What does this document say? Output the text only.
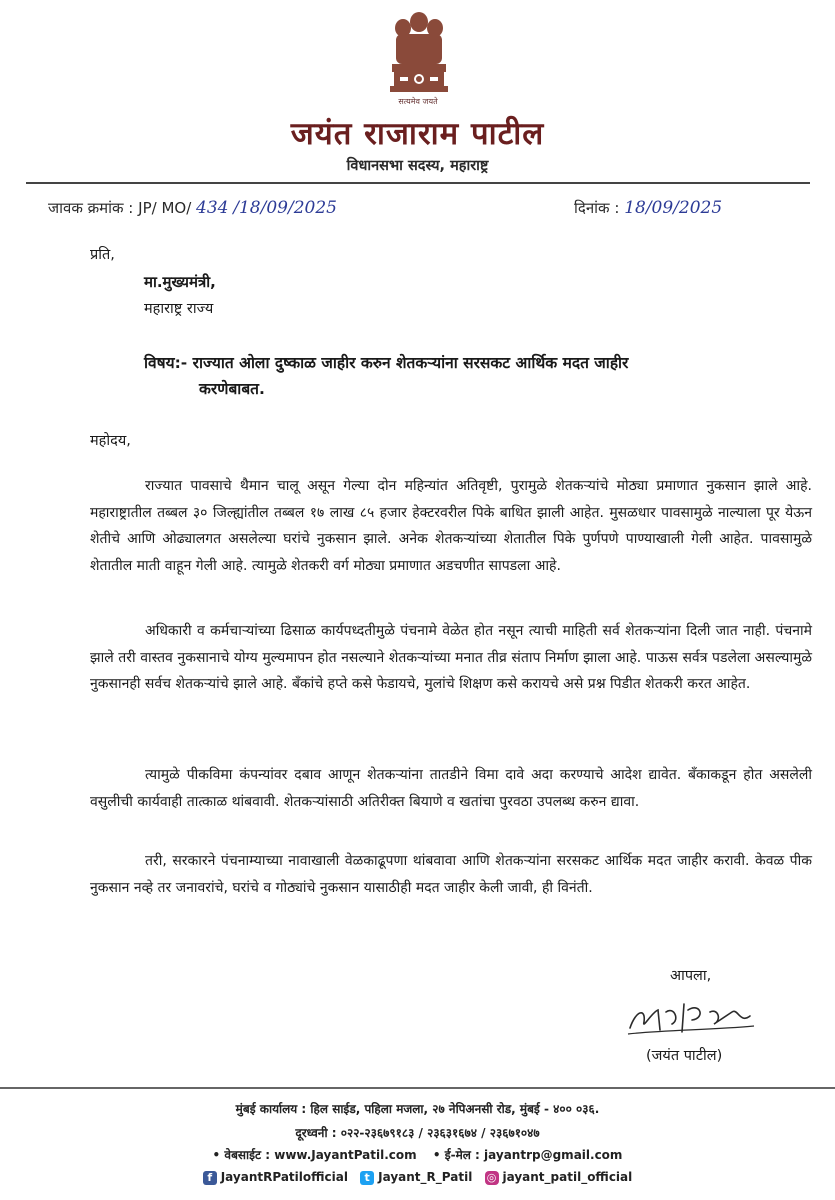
सत्यमेव जयते
जयंत राजाराम पाटील
विधानसभा सदस्य, महाराष्ट्र
जावक क्रमांक : JP/ MO/ 434 /18/09/2025	दिनांक : 18/09/2025
प्रति,
मा.मुख्यमंत्री,
महाराष्ट्र राज्य
विषय:- राज्यात ओला दुष्काळ जाहीर करुन शेतकऱ्यांना सरसकट आर्थिक मदत जाहीर
करणेबाबत.
महोदय,

राज्यात पावसाचे थैमान चालू असून गेल्या दोन महिन्यांत अतिवृष्टी, पुरामुळे शेतकऱ्यांचे मोठ्या प्रमाणात नुकसान झाले आहे. महाराष्ट्रातील तब्बल ३० जिल्ह्यांतील तब्बल १७ लाख ८५ हजार हेक्टरवरील पिके बाधित झाली आहेत. मुसळधार पावसामुळे नाल्याला पूर येऊन शेतीचे आणि ओढ्यालगत असलेल्या घरांचे नुकसान झाले. अनेक शेतकऱ्यांच्या शेतातील पिके पुर्णपणे पाण्याखाली गेली आहेत. पावसामुळे शेतातील माती वाहून गेली आहे. त्यामुळे शेतकरी वर्ग मोठ्या प्रमाणात अडचणीत सापडला आहे.

अधिकारी व कर्मचाऱ्यांच्या ढिसाळ कार्यपध्दतीमुळे पंचनामे वेळेत होत नसून त्याची माहिती सर्व शेतकऱ्यांना दिली जात नाही. पंचनामे झाले तरी वास्तव नुकसानाचे योग्य मुल्यमापन होत नसल्याने शेतकऱ्यांच्या मनात तीव्र संताप निर्माण झाला आहे. पाऊस सर्वत्र पडलेला असल्यामुळे नुकसानही सर्वच शेतकऱ्यांचे झाले आहे. बँकांचे हप्ते कसे फेडायचे, मुलांचे शिक्षण कसे करायचे असे प्रश्न पिडीत शेतकरी करत आहेत.

त्यामुळे पीकविमा कंपन्यांवर दबाव आणून शेतकऱ्यांना तातडीने विमा दावे अदा करण्याचे आदेश द्यावेत. बँकाकडून होत असलेली वसुलीची कार्यवाही तात्काळ थांबवावी. शेतकऱ्यांसाठी अतिरीक्त बियाणे व खतांचा पुरवठा उपलब्ध करुन द्यावा.

तरी, सरकारने पंचनाम्याच्या नावाखाली वेळकाढूपणा थांबवावा आणि शेतकऱ्यांना सरसकट आर्थिक मदत जाहीर करावी. केवळ पीक नुकसान नव्हे तर जनावरांचे, घरांचे व गोठ्यांचे नुकसान यासाठीही मदत जाहीर केली जावी, ही विनंती.

आपला,
(जयंत पाटील)
मुंबई कार्यालय : हिल साईड, पहिला मजला, २७ नेपिअनसी रोड, मुंबई - ४०० ०३६.
दूरध्वनी : ०२२-२३६७९१८३ / २३६३१६७४ / २३६७१०४७
• वेबसाईट : www.JayantPatil.com • ई-मेल : jayantrp@gmail.com
f JayantRPatilofficial t Jayant_R_Patil ◎ jayant_patil_official
